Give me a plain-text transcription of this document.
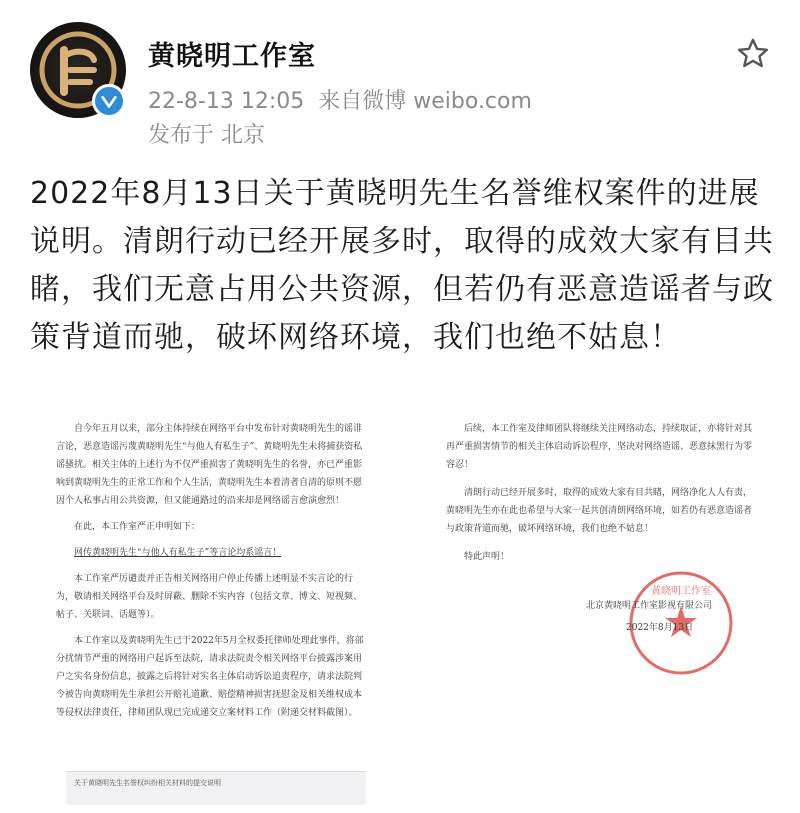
黄晓明工作室
22-8-13 12:05 来自微博 weibo.com
发布于 北京
2022年8月13日关于黄晓明先生名誉维权案件的进展说明。清朗行动已经开展多时，取得的成效大家有目共睹，我们无意占用公共资源，但若仍有恶意造谣者与政策背道而驰，破坏网络环境，我们也绝不姑息！

自今年五月以来，部分主体持续在网络平台中发布针对黄晓明先生的谣诽言论，恶意造谣污蔑黄晓明先生“与他人有私生子”、黄晓明先生未将捕获资私谣骚扰。相关主体的上述行为不仅严重损害了黄晓明先生的名誉，亦已严重影响到黄晓明先生的正常工作和个人生活，黄晓明先生本着清者自清的原则不愿因个人私事占用公共资源，但又能通路过的沿来却是网络谣言愈演愈烈！

在此，本工作室严正申明如下：

网传黄晓明先生“与他人有私生子”等言论均系谣言！

本工作室严厉谴责并正告相关网络用户停止传播上述明显不实言论的行为，敬请相关网络平台及时屏蔽、删除不实内容（包括文章、博文、短视频、帖子、关联词、话题等）。

本工作室以及黄晓明先生已于2022年5月全权委托律师处理此事件，将部分扰情节严重的网络用户起诉至法院，请求法院责令相关网络平台披露涉案用户之实名身份信息，披露之后将针对实名主体启动诉讼追责程序，请求法院判令被告向黄晓明先生承担公开赔礼道歉、赔偿精神损害抚慰金及相关维权成本等侵权法律责任，律师团队现已完成递交立案材料工作（附递交材料截图）。

关于黄晓明先生名誉权纠纷相关材料的提交说明

后续，本工作室及律师团队将继续关注网络动态，持续取证，亦将针对其再严重损害情节的相关主体启动诉讼程序，坚决对网络造谣、恶意抹黑行为零容忍！

清朗行动已经开展多时，取得的成效大家有目共睹，网络净化人人有责，黄晓明先生亦在此也希望与大家一起共创清朗网络环境，如若仍有恶意造谣者与政策背道而驰，破坏网络环境，我们也绝不姑息！

特此声明！

黄晓明工作室
北京黄晓明工作室影视有限公司
2022年8月13日
